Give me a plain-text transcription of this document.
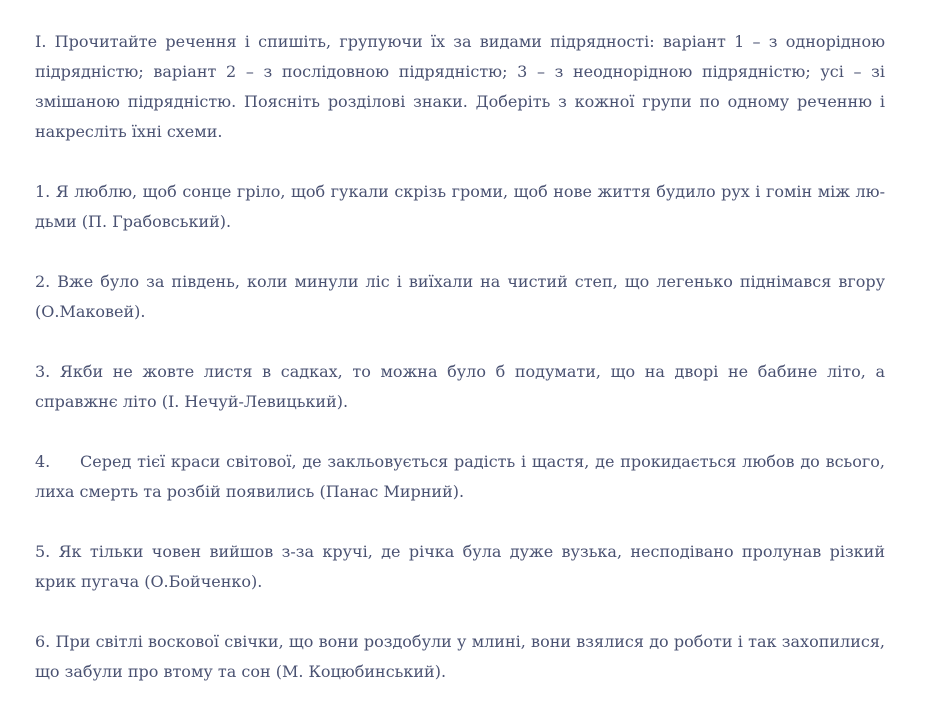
І. Прочитайте речення і спишіть, групуючи їх за видами підрядності: варіант 1 – з однорідною підрядністю; варіант 2 – з послідовною підрядністю; 3 – з неоднорідною підрядністю; усі – зі змішаною підрядністю. Поясніть розділові знаки. Доберіть з кожної групи по одному реченню і накресліть їхні схеми.

1. Я люблю, щоб сонце гріло, щоб гукали скрізь громи, щоб нове життя будило рух і гомін між людьми (П. Грабовський).

2. Вже було за південь, коли минули ліс і виїхали на чистий степ, що легенько піднімався вгору (О.Маковей).

3. Якби не жовте листя в садках, то можна було б подумати, що на дворі не бабине літо, а справжнє літо (І. Нечуй-Левицький).

4. Серед тієї краси світової, де закльовується радість і щастя, де прокидається любов до всього, лиха смерть та розбій появились (Панас Мирний).

5. Як тільки човен вийшов з-за кручі, де річка була дуже вузька, несподівано пролунав різкий крик пугача (О.Бойченко).

6. При світлі воскової свічки, що вони роздобули у млині, вони взялися до роботи і так захопилися, що забули про втому та сон (М. Коцюбинський).
